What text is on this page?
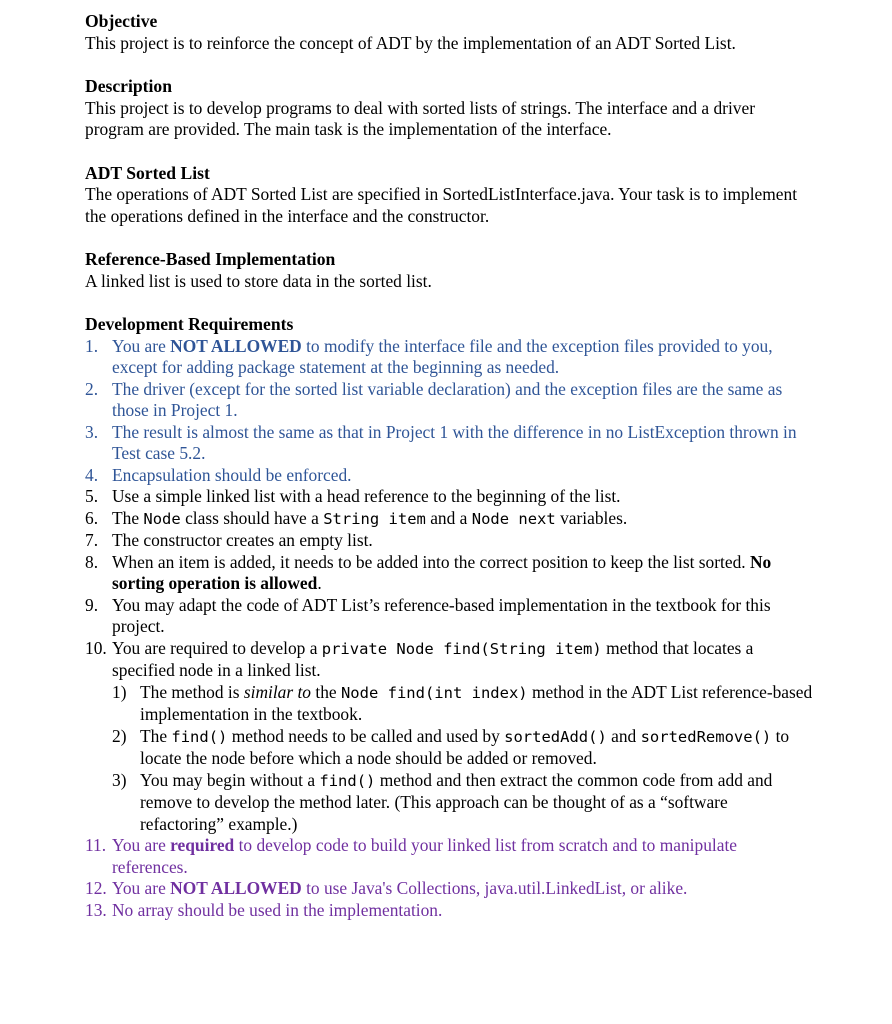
Objective

This project is to reinforce the concept of ADT by the implementation of an ADT Sorted List.

Description

This project is to develop programs to deal with sorted lists of strings. The interface and a driver program are provided. The main task is the implementation of the interface.

ADT Sorted List

The operations of ADT Sorted List are specified in SortedListInterface.java. Your task is to implement the operations defined in the interface and the constructor.

Reference-Based Implementation

A linked list is used to store data in the sorted list.

Development Requirements
1. You are NOT ALLOWED to modify the interface file and the exception files provided to you, except for adding package statement at the beginning as needed.
2. The driver (except for the sorted list variable declaration) and the exception files are the same as those in Project 1.
3. The result is almost the same as that in Project 1 with the difference in no ListException thrown in Test case 5.2.
4. Encapsulation should be enforced.
5. Use a simple linked list with a head reference to the beginning of the list.
6. The Node class should have a String item and a Node next variables.
7. The constructor creates an empty list.
8. When an item is added, it needs to be added into the correct position to keep the list sorted. No sorting operation is allowed.
9. You may adapt the code of ADT List’s reference-based implementation in the textbook for this project.
10. You are required to develop a private Node find(String item) method that locates a specified node in a linked list.
1) The method is similar to the Node find(int index) method in the ADT List reference-based implementation in the textbook.
2) The find() method needs to be called and used by sortedAdd() and sortedRemove() to locate the node before which a node should be added or removed.
3) You may begin without a find() method and then extract the common code from add and remove to develop the method later. (This approach can be thought of as a “software refactoring” example.)
11. You are required to develop code to build your linked list from scratch and to manipulate references.
12. You are NOT ALLOWED to use Java's Collections, java.util.LinkedList, or alike.
13. No array should be used in the implementation.
